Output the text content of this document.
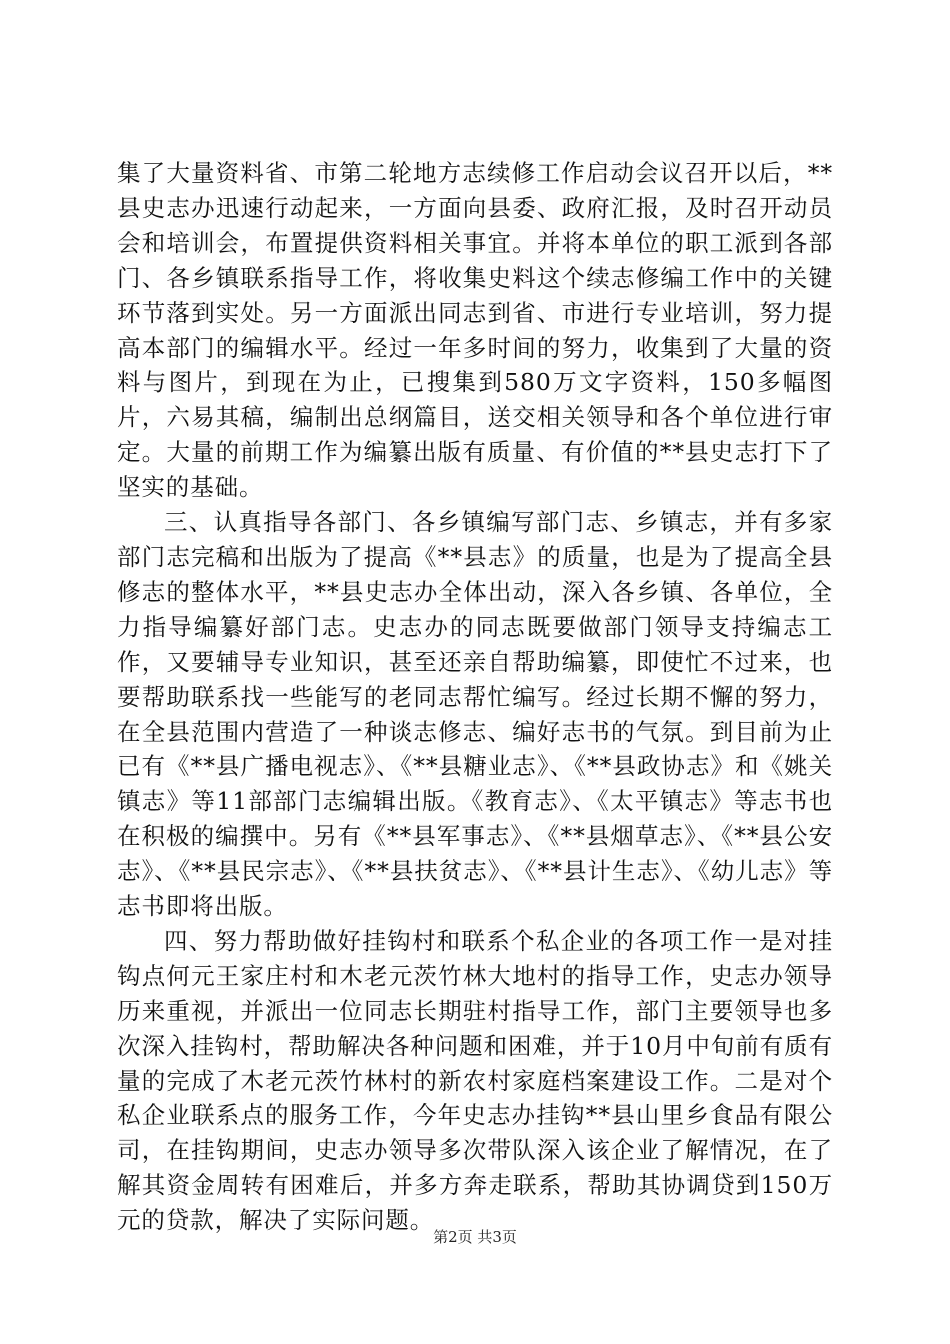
集了大量资料省、市第二轮地方志续修工作启动会议召开以后，**县史志办迅速行动起来，一方面向县委、政府汇报，及时召开动员会和培训会，布置提供资料相关事宜。并将本单位的职工派到各部门、各乡镇联系指导工作，将收集史料这个续志修编工作中的关键环节落到实处。另一方面派出同志到省、市进行专业培训，努力提高本部门的编辑水平。经过一年多时间的努力，收集到了大量的资料与图片，到现在为止，已搜集到580万文字资料，150多幅图片，六易其稿，编制出总纲篇目，送交相关领导和各个单位进行审定。大量的前期工作为编纂出版有质量、有价值的**县史志打下了坚实的基础。

三、认真指导各部门、各乡镇编写部门志、乡镇志，并有多家部门志完稿和出版为了提高《**县志》的质量，也是为了提高全县修志的整体水平，**县史志办全体出动，深入各乡镇、各单位，全力指导编纂好部门志。史志办的同志既要做部门领导支持编志工作，又要辅导专业知识，甚至还亲自帮助编纂，即使忙不过来，也要帮助联系找一些能写的老同志帮忙编写。经过长期不懈的努力，在全县范围内营造了一种谈志修志、编好志书的气氛。到目前为止已有《**县广播电视志》、《**县糖业志》、《**县政协志》和《姚关镇志》等11部部门志编辑出版。《教育志》、《太平镇志》等志书也在积极的编撰中。另有《**县军事志》、《**县烟草志》、《**县公安志》、《**县民宗志》、《**县扶贫志》、《**县计生志》、《幼儿志》等志书即将出版。

四、努力帮助做好挂钩村和联系个私企业的各项工作一是对挂钩点何元王家庄村和木老元茨竹林大地村的指导工作，史志办领导历来重视，并派出一位同志长期驻村指导工作，部门主要领导也多次深入挂钩村，帮助解决各种问题和困难，并于10月中旬前有质有量的完成了木老元茨竹林村的新农村家庭档案建设工作。二是对个私企业联系点的服务工作，今年史志办挂钩**县山里乡食品有限公司，在挂钩期间，史志办领导多次带队深入该企业了解情况，在了解其资金周转有困难后，并多方奔走联系，帮助其协调贷到150万元的贷款，解决了实际问题。

第2页 共3页
